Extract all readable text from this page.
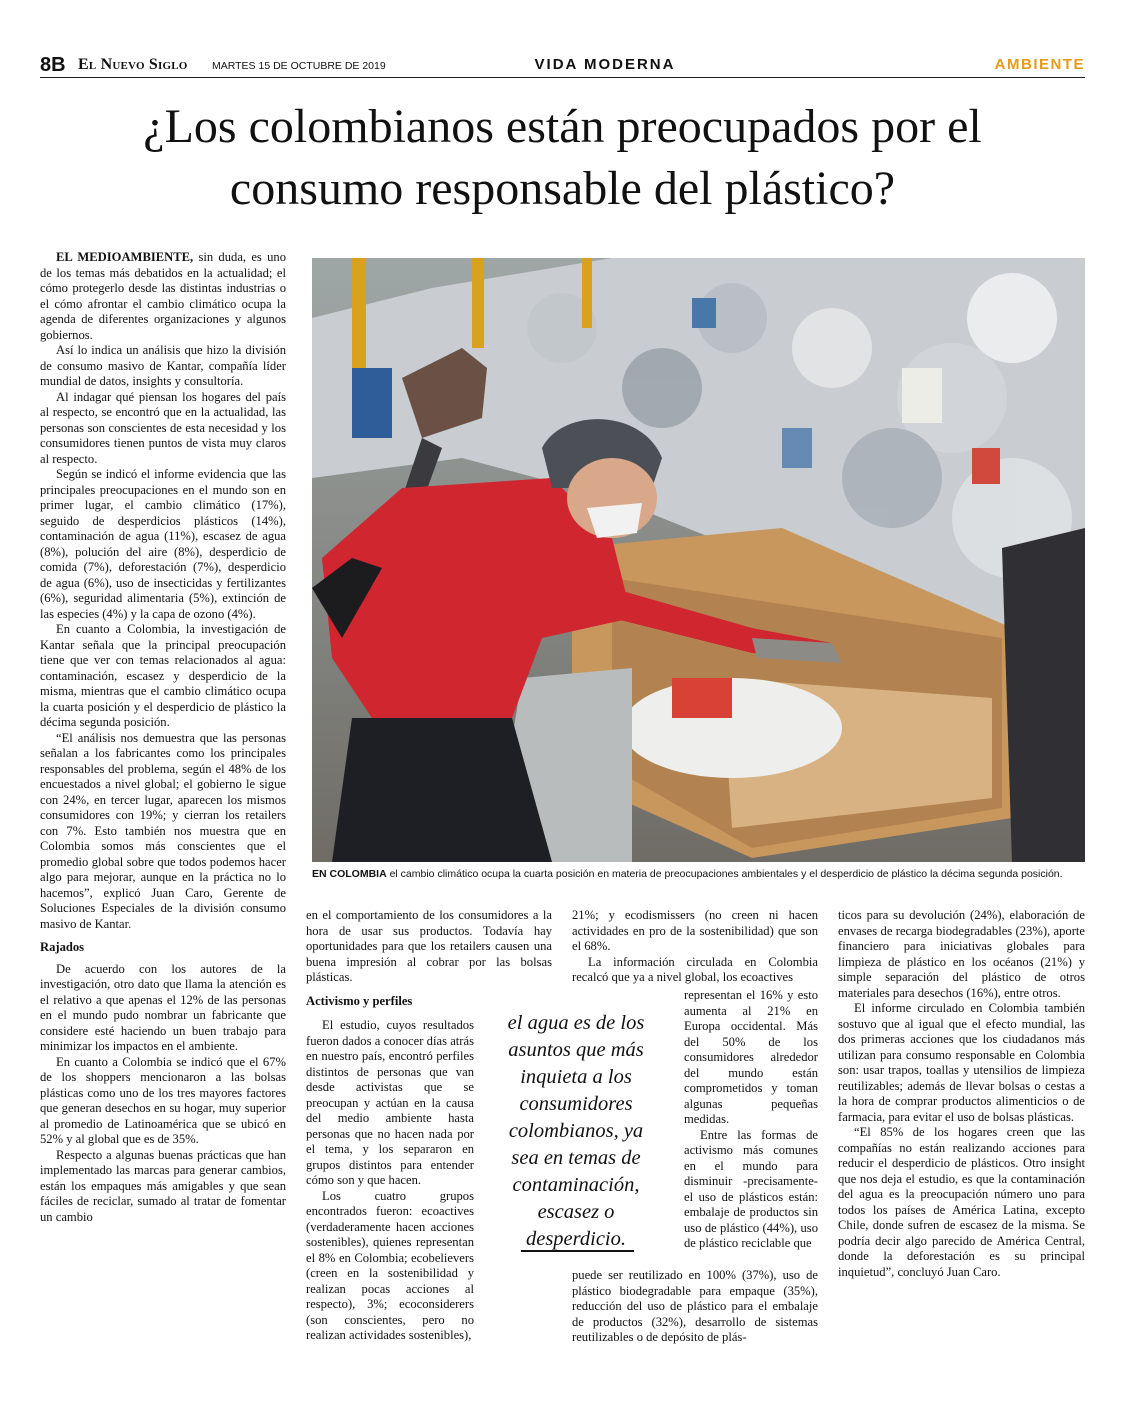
8B El Nuevo Siglo MARTES 15 DE OCTUBRE DE 2019	VIDA MODERNA	AMBIENTE
¿Los colombianos están preocupados por el
consumo responsable del plástico?

EL MEDIOAMBIENTE, sin duda, es uno de los temas más debatidos en la actualidad; el cómo protegerlo desde las distintas industrias o el cómo afrontar el cambio climático ocupa la agenda de diferentes organizaciones y algunos gobiernos.

Así lo indica un análisis que hizo la división de consumo masivo de Kantar, compañía líder mundial de datos, insights y consultoría.

Al indagar qué piensan los hogares del país al respecto, se encontró que en la actualidad, las personas son conscientes de esta necesidad y los consumidores tienen puntos de vista muy claros al respecto.

Según se indicó el informe evidencia que las principales preocupaciones en el mundo son en primer lugar, el cambio climático (17%), seguido de desperdicios plásticos (14%), contaminación de agua (11%), escasez de agua (8%), polución del aire (8%), desperdicio de comida (7%), deforestación (7%), desperdicio de agua (6%), uso de insecticidas y fertilizantes (6%), seguridad alimentaria (5%), extinción de las especies (4%) y la capa de ozono (4%).

En cuanto a Colombia, la investigación de Kantar señala que la principal preocupación tiene que ver con temas relacionados al agua: contaminación, escasez y desperdicio de la misma, mientras que el cambio climático ocupa la cuarta posición y el desperdicio de plástico la décima segunda posición.

“El análisis nos demuestra que las personas señalan a los fabricantes como los principales responsables del problema, según el 48% de los encuestados a nivel global; el gobierno le sigue con 24%, en tercer lugar, aparecen los mismos consumidores con 19%; y cierran los retailers con 7%. Esto también nos muestra que en Colombia somos más conscientes que el promedio global sobre que todos podemos hacer algo para mejorar, aunque en la práctica no lo hacemos”, explicó Juan Caro, Gerente de Soluciones Especiales de la división consumo masivo de Kantar.

Rajados

De acuerdo con los autores de la investigación, otro dato que llama la atención es el relativo a que apenas el 12% de las personas en el mundo pudo nombrar un fabricante que considere esté haciendo un buen trabajo para minimizar los impactos en el ambiente.

En cuanto a Colombia se indicó que el 67% de los shoppers mencionaron a las bolsas plásticas como uno de los tres mayores factores que generan desechos en su hogar, muy superior al promedio de Latinoamérica que se ubicó en 52% y al global que es de 35%.

Respecto a algunas buenas prácticas que han implementado las marcas para generar cambios, están los empaques más amigables y que sean fáciles de reciclar, sumado al tratar de fomentar un cambio

EN COLOMBIA el cambio climático ocupa la cuarta posición en materia de preocupaciones ambientales y el desperdicio de plástico la décima segunda posición.

en el comportamiento de los consumidores a la hora de usar sus productos. Todavía hay oportunidades para que los retailers causen una buena impresión al cobrar por las bolsas plásticas.

Activismo y perfiles

El estudio, cuyos resultados fueron dados a conocer días atrás en nuestro país, encontró perfiles distintos de personas que van desde activistas que se preocupan y actúan en la causa del medio ambiente hasta personas que no hacen nada por el tema, y los separaron en grupos distintos para entender cómo son y que hacen.

Los cuatro grupos encontrados fueron: ecoactives (verdaderamente hacen acciones sostenibles), quienes representan el 8% en Colombia; ecobelievers (creen en la sostenibilidad y realizan pocas acciones al respecto), 3%; ecoconsiderers (son conscientes, pero no realizan actividades sostenibles),

21%; y ecodismissers (no creen ni hacen actividades en pro de la sostenibilidad) que son el 68%.

La información circulada en Colombia recalcó que ya a nivel global, los ecoactives

representan el 16% y esto aumenta al 21% en Europa occidental. Más del 50% de los consumidores alrededor del mundo están comprometidos y toman algunas pequeñas medidas.

Entre las formas de activismo más comunes en el mundo para disminuir -precisamente- el uso de plásticos están: embalaje de productos sin uso de plástico (44%), uso de plástico reciclable que

puede ser reutilizado en 100% (37%), uso de plástico biodegradable para empaque (35%), reducción del uso de plástico para el embalaje de productos (32%), desarrollo de sistemas reutilizables o de depósito de plás-

ticos para su devolución (24%), elaboración de envases de recarga biodegradables (23%), aporte financiero para iniciativas globales para limpieza de plástico en los océanos (21%) y simple separación del plástico de otros materiales para desechos (16%), entre otros.

El informe circulado en Colombia también sostuvo que al igual que el efecto mundial, las dos primeras acciones que los ciudadanos más utilizan para consumo responsable en Colombia son: usar trapos, toallas y utensilios de limpieza reutilizables; además de llevar bolsas o cestas a la hora de comprar productos alimenticios o de farmacia, para evitar el uso de bolsas plásticas.

“El 85% de los hogares creen que las compañías no están realizando acciones para reducir el desperdicio de plásticos. Otro insight que nos deja el estudio, es que la contaminación del agua es la preocupación número uno para todos los países de América Latina, excepto Chile, donde sufren de escasez de la misma. Se podría decir algo parecido de América Central, donde la deforestación es su principal inquietud”, concluyó Juan Caro.

el agua es de los asuntos que más inquieta a los consumidores colombianos, ya sea en temas de contaminación, escasez o desperdicio.
